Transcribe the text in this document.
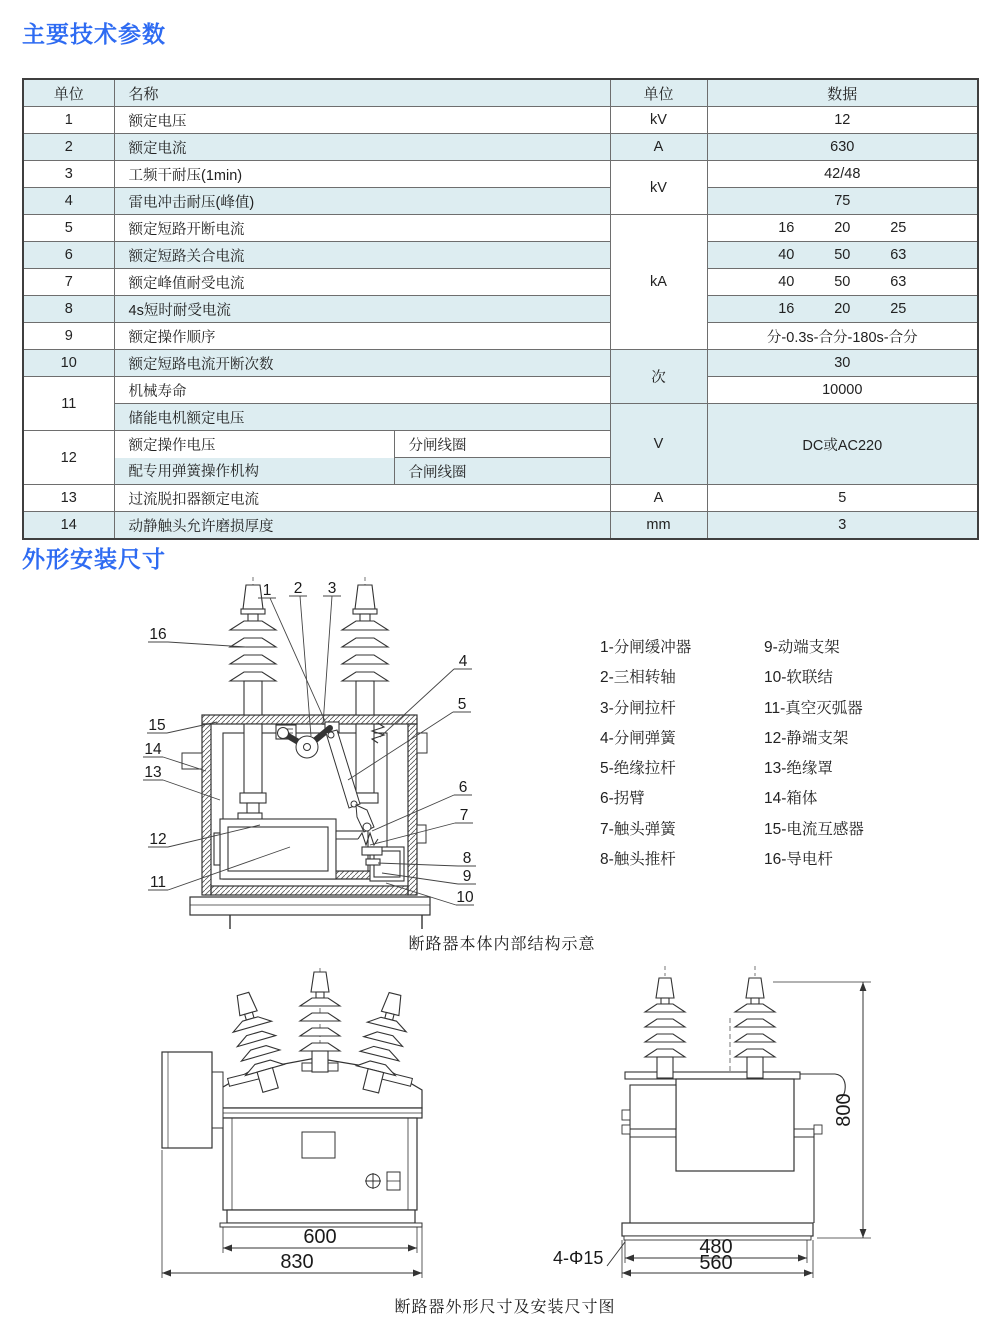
主要技术参数
外形安装尺寸
单位	名称		单位	数据
1	额定电压		kV	12
2	额定电流		A	630
3	工频干耐压(1min)		kV	42/48
4	雷电冲击耐压(峰值)			75
5	额定短路开断电流		kA	16 20 25

6	额定短路关合电流			40 50 63

7	额定峰值耐受电流			40 50 63

8	4s短时耐受电流			16 20 25

9	额定操作顺序			分-0.3s-合分-180s-合分
10	额定短路电流开断次数		次	30
11	机械寿命			10000
	储能电机额定电压		V	DC或AC220
12	额定操作电压	分闸线圈		
	配专用弹簧操作机构	合闸线圈		
13	过流脱扣器额定电流		A	5
14	动静触头允许磨损厚度		mm	3
1 2 3
4
5
6
7
8
9
10
11
12
13
14
15
16
1-分闸缓冲器
2-三相转轴
3-分闸拉杆
4-分闸弹簧
5-绝缘拉杆
6-拐臂
7-触头弹簧
8-触头推杆
9-动端支架
10-软联结
11-真空灭弧器
12-静端支架
13-绝缘罩
14-箱体
15-电流互感器
16-导电杆
断路器本体内部结构示意
600
830
800
4-Φ15	480
560
断路器外形尺寸及安装尺寸图
